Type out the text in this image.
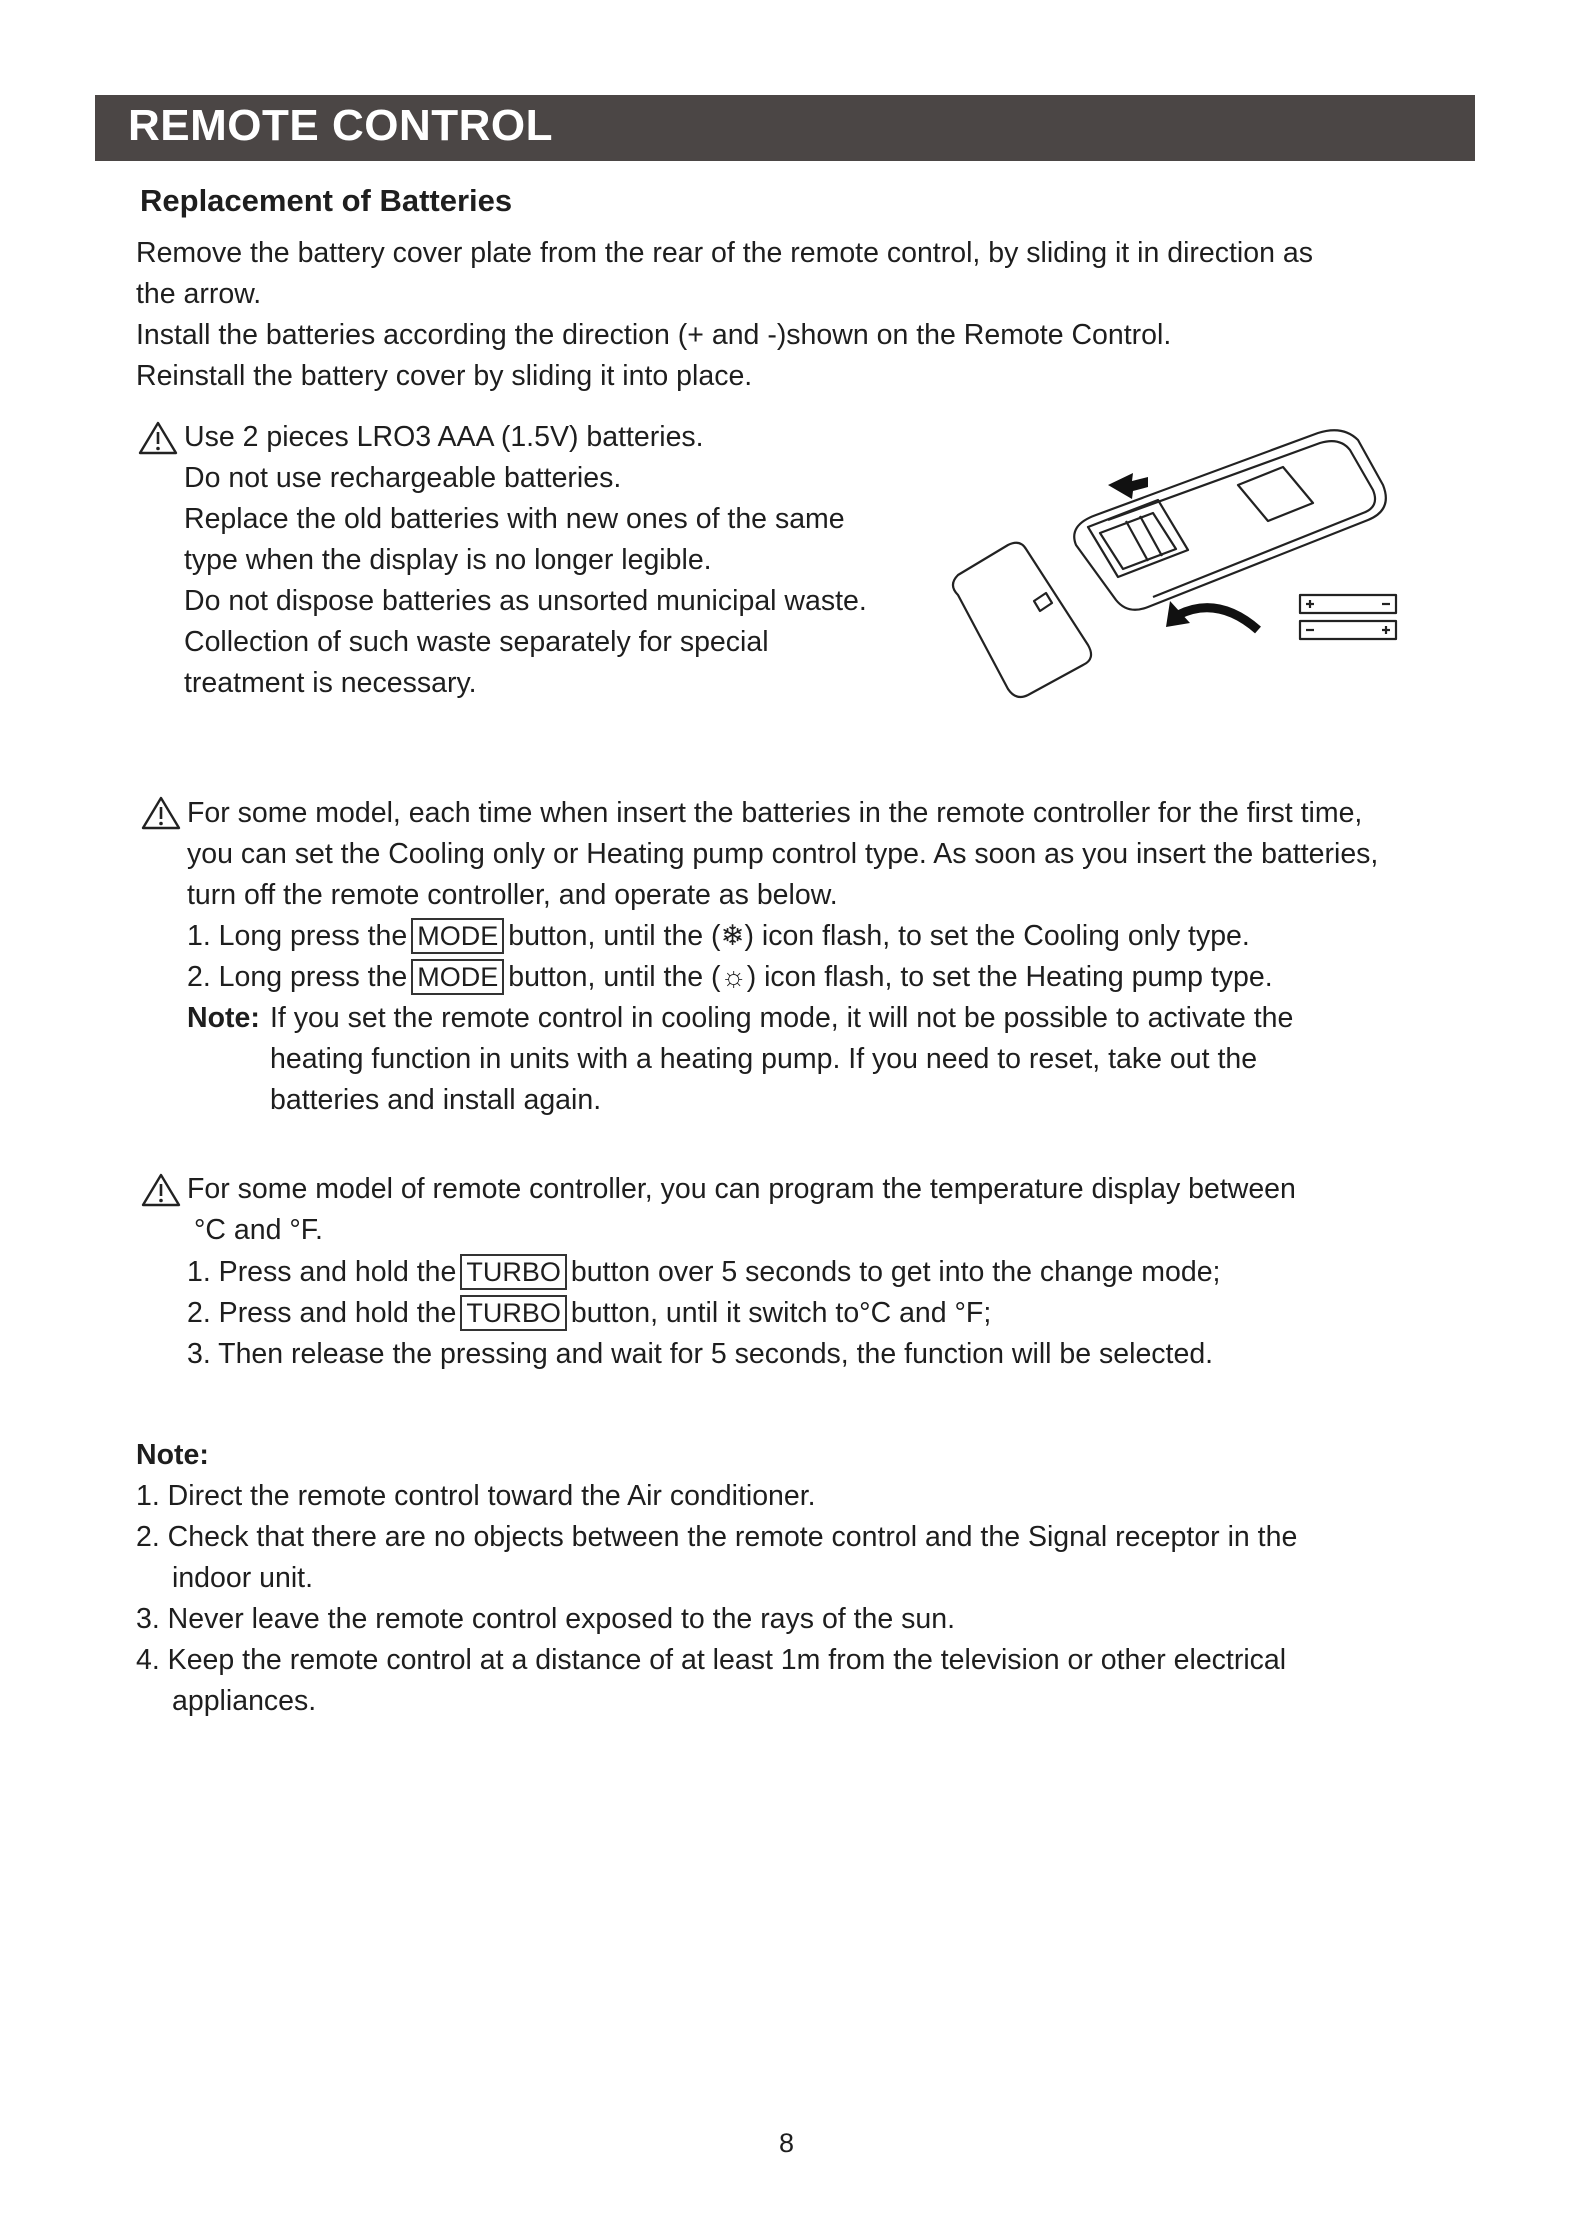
REMOTE CONTROL
Replacement of Batteries
Remove the battery cover plate from the rear of the remote control, by sliding it in direction as
the arrow.
Install the batteries according the direction (+ and -)shown on the Remote Control.
Reinstall the battery cover by sliding it into place.
Use 2 pieces LRO3 AAA (1.5V) batteries.
Do not use rechargeable batteries.
Replace the old batteries with new ones of the same
type when the display is no longer legible.
Do not dispose batteries as unsorted municipal waste.
Collection of such waste separately for special
treatment is necessary.
For some model, each time when insert the batteries in the remote controller for the first time,
you can set the Cooling only or Heating pump control type. As soon as you insert the batteries,
turn off the remote controller, and operate as below.
1. Long press the MODE button, until the (❄) icon flash, to set the Cooling only type.
2. Long press the MODE button, until the (☼) icon flash, to set the Heating pump type.
Note: If you set the remote control in cooling mode, it will not be possible to activate the
heating function in units with a heating pump. If you need to reset, take out the
batteries and install again.
For some model of remote controller, you can program the temperature display between
°C and °F.
1. Press and hold the TURBO button over 5 seconds to get into the change mode;
2. Press and hold the TURBO button, until it switch to°C and °F;
3. Then release the pressing and wait for 5 seconds, the function will be selected.
Note:
1. Direct the remote control toward the Air conditioner.
2. Check that there are no objects between the remote control and the Signal receptor in the
indoor unit.
3. Never leave the remote control exposed to the rays of the sun.
4. Keep the remote control at a distance of at least 1m from the television or other electrical
appliances.
8
